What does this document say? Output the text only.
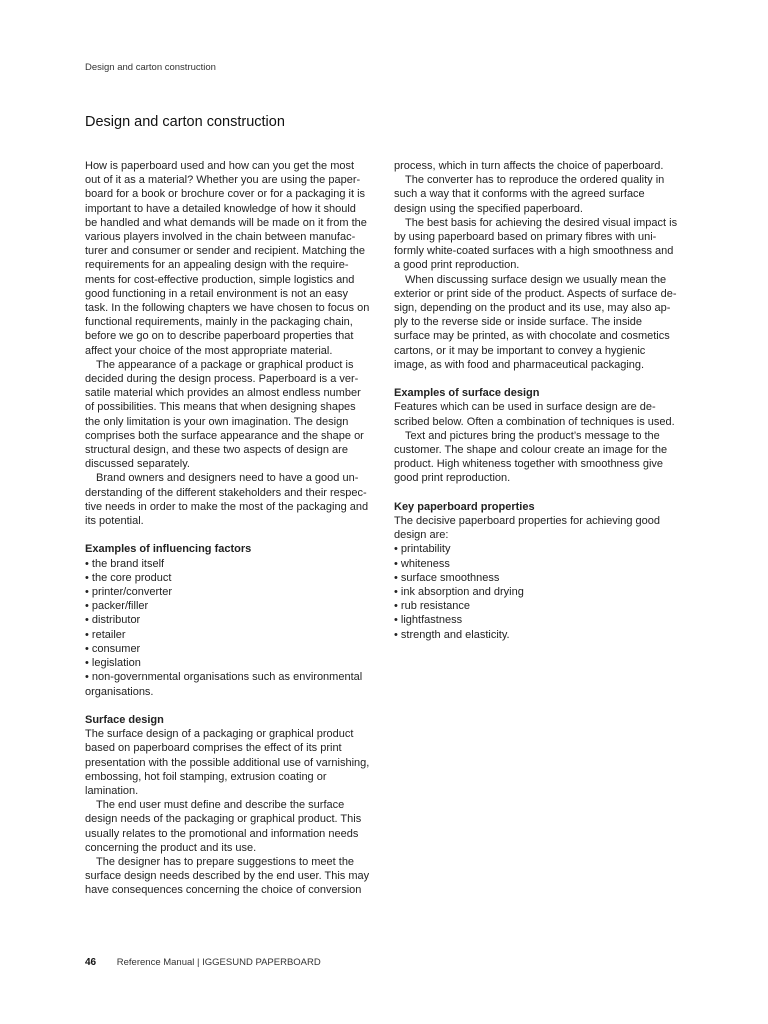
Design and carton construction
Design and carton construction

How is paperboard used and how can you get the most out of it as a material? Whether you are using the paperboard for a book or brochure cover or for a packaging it is important to have a detailed knowledge of how it should be handled and what demands will be made on it from the various players involved in the chain between manufacturer and consumer or sender and recipient. Matching the requirements for an appealing design with the requirements for cost-effective production, simple logistics and good functioning in a retail environment is not an easy task. In the following chapters we have chosen to focus on functional requirements, mainly in the packaging chain, before we go on to describe paperboard properties that affect your choice of the most appropriate material.

The appearance of a package or graphical product is decided during the design process. Paperboard is a versatile material which provides an almost endless number of possibilities. This means that when designing shapes the only limitation is your own imagination. The design comprises both the surface appearance and the shape or structural design, and these two aspects of design are discussed separately.

Brand owners and designers need to have a good understanding of the different stakeholders and their respective needs in order to make the most of the packaging and its potential.

Examples of influencing factors

• the brand itself
• the core product
• printer/converter
• packer/filler
• distributor
• retailer
• consumer
• legislation
• non-governmental organisations such as environmental organisations.

Surface design

The surface design of a packaging or graphical product based on paperboard comprises the effect of its print presentation with the possible additional use of varnishing, embossing, hot foil stamping, extrusion coating or lamination.

The end user must define and describe the surface design needs of the packaging or graphical product. This usually relates to the promotional and information needs concerning the product and its use.

The designer has to prepare suggestions to meet the surface design needs described by the end user. This may have consequences concerning the choice of conversion

process, which in turn affects the choice of paperboard.

The converter has to reproduce the ordered quality in such a way that it conforms with the agreed surface design using the specified paperboard.

The best basis for achieving the desired visual impact is by using paperboard based on primary fibres with uniformly white-coated surfaces with a high smoothness and a good print reproduction.

When discussing surface design we usually mean the exterior or print side of the product. Aspects of surface design, depending on the product and its use, may also apply to the reverse side or inside surface. The inside surface may be printed, as with chocolate and cosmetics cartons, or it may be important to convey a hygienic image, as with food and pharmaceutical packaging.

Examples of surface design

Features which can be used in surface design are described below. Often a combination of techniques is used.

Text and pictures bring the product’s message to the customer. The shape and colour create an image for the product. High whiteness together with smoothness give good print reproduction.

Key paperboard properties

The decisive paperboard properties for achieving good design are:

• printability
• whiteness
• surface smoothness
• ink absorption and drying
• rub resistance
• lightfastness
• strength and elasticity.
46 Reference Manual | IGGESUND PAPERBOARD
